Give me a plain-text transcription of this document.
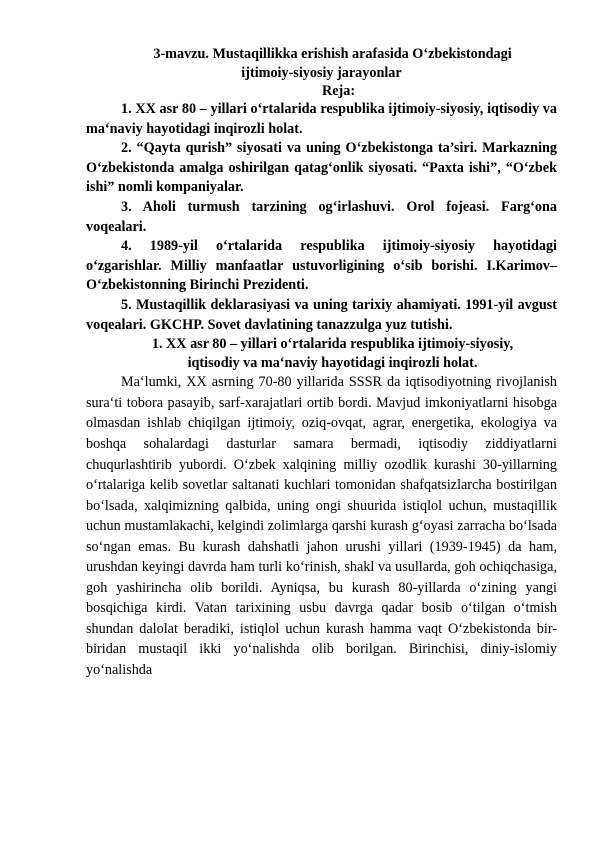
3-mavzu. Mustaqillikka erishish arafasida O‘zbekistondagi
ijtimoiy-siyosiy jarayonlar

Reja:

1. XX asr 80 – yillari o‘rtalarida respublika ijtimoiy-siyosiy, iqtisodiy va ma‘naviy hayotidagi inqirozli holat.
2. “Qayta qurish” siyosati va uning O‘zbekistonga ta’siri. Markazning O‘zbekistonda amalga oshirilgan qatag‘onlik siyosati. “Paxta ishi”, “O‘zbek ishi” nomli kompaniyalar.
3. Aholi turmush tarzining og‘irlashuvi. Orol fojeasi. Farg‘ona voqealari.
4. 1989-yil o‘rtalarida respublika ijtimoiy-siyosiy hayotidagi o‘zgarishlar. Milliy manfaatlar ustuvorligining o‘sib borishi. I.Karimov–O‘zbekistonning Birinchi Prezidenti.
5. Mustaqillik deklarasiyasi va uning tarixiy ahamiyati. 1991-yil avgust voqealari. GKCHP. Sovet davlatining tanazzulga yuz tutishi.
1. XX asr 80 – yillari o‘rtalarida respublika ijtimoiy-siyosiy,
iqtisodiy va ma‘naviy hayotidagi inqirozli holat.

Ma‘lumki, XX asrning 70-80 yillarida SSSR da iqtisodiyotning rivojlanish sura‘ti tobora pasayib, sarf-xarajatlari ortib bordi. Mavjud imkoniyatlarni hisobga olmasdan ishlab chiqilgan ijtimoiy, oziq-ovqat, agrar, energetika, ekologiya va boshqa sohalardagi dasturlar samara bermadi, iqtisodiy ziddiyatlarni chuqurlashtirib yubordi. O‘zbek xalqining milliy ozodlik kurashi 30-yillarning o‘rtalariga kelib sovetlar saltanati kuchlari tomonidan shafqatsizlarcha bostirilgan bo‘lsada, xalqimizning qalbida, uning ongi shuurida istiqlol uchun, mustaqillik uchun mustamlakachi, kelgindi zolimlarga qarshi kurash g‘oyasi zarracha bo‘lsada so‘ngan emas. Bu kurash dahshatli jahon urushi yillari (1939-1945) da ham, urushdan keyingi davrda ham turli ko‘rinish, shakl va usullarda, goh ochiqchasiga, goh yashirincha olib borildi. Ayniqsa, bu kurash 80-yillarda o‘zining yangi bosqichiga kirdi. Vatan tarixining usbu davrga qadar bosib o‘tilgan o‘tmish shundan dalolat beradiki, istiqlol uchun kurash hamma vaqt O‘zbekistonda bir-biridan mustaqil ikki yo‘nalishda olib borilgan. Birinchisi, diniy-islomiy yo‘nalishda
